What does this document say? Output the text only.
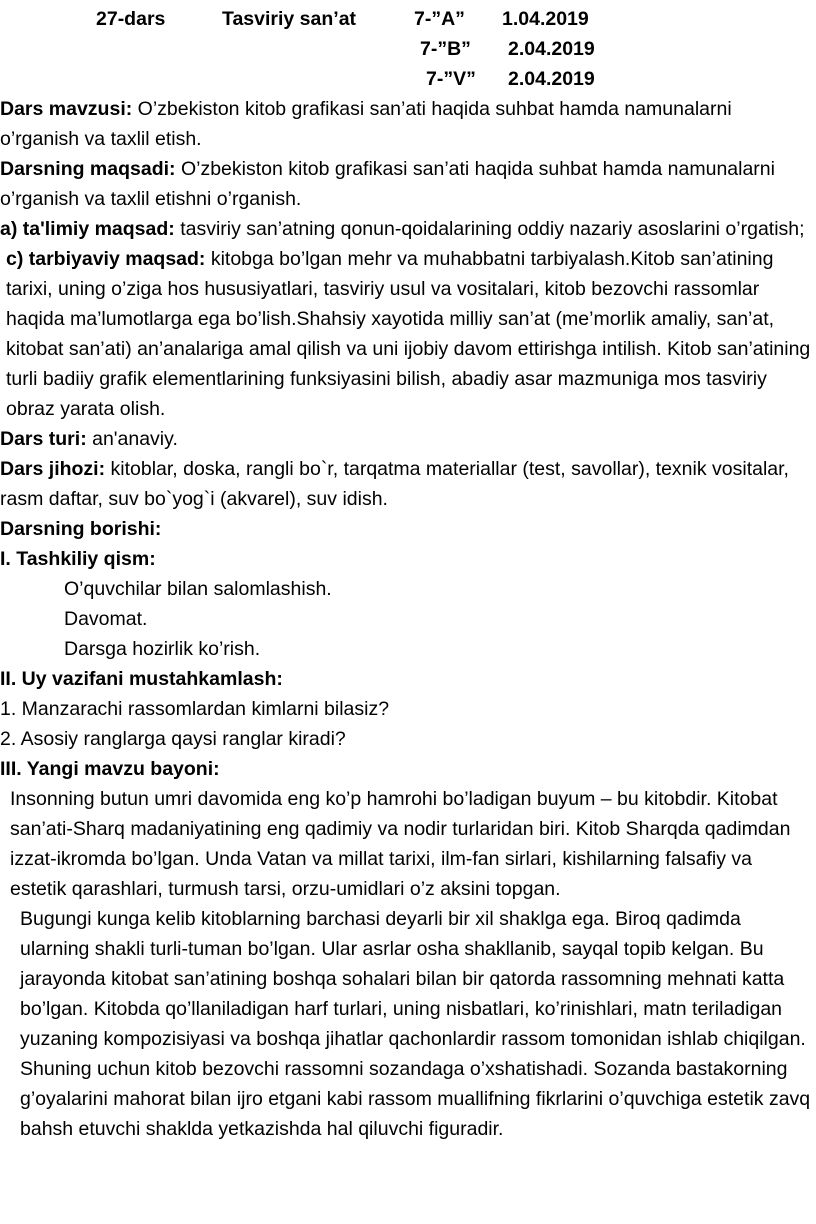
27-dars	Tasviriy san’at	7-”A” 1.04.2019
7-”B” 2.04.2019
7-”V” 2.04.2019

Dars mavzusi: O’zbekiston kitob grafikasi san’ati haqida suhbat hamda namunalarni o’rganish va taxlil etish.

Darsning maqsadi: O’zbekiston kitob grafikasi san’ati haqida suhbat hamda namunalarni o’rganish va taxlil etishni o’rganish.

a) ta'limiy maqsad: tasviriy san’atning qonun-qoidalarining oddiy nazariy asoslarini o’rgatish;

c) tarbiyaviy maqsad: kitobga bo’lgan mehr va muhabbatni tarbiyalash.Kitob san’atining tarixi, uning o’ziga hos hususiyatlari, tasviriy usul va vositalari, kitob bezovchi rassomlar haqida ma’lumotlarga ega bo’lish.Shahsiy xayotida milliy san’at (me’morlik amaliy, san’at, kitobat san’ati) an’analariga amal qilish va uni ijobiy davom ettirishga intilish. Kitob san’atining turli badiiy grafik elementlarining funksiyasini bilish, abadiy asar mazmuniga mos tasviriy obraz yarata olish.

Dars turi: an'anaviy.

Dars jihozi: kitoblar, doska, rangli bo`r, tarqatma materiallar (test, savollar), texnik vositalar, rasm daftar, suv bo`yog`i (akvarel), suv idish.

Darsning borishi:

I. Tashkiliy qism:

O’quvchilar bilan salomlashish.

Davomat.

Darsga hozirlik ko’rish.

II. Uy vazifani mustahkamlash:

1. Manzarachi rassomlardan kimlarni bilasiz?

2. Asosiy ranglarga qaysi ranglar kiradi?

III. Yangi mavzu bayoni:

Insonning butun umri davomida eng ko’p hamrohi bo’ladigan buyum – bu kitobdir. Kitobat san’ati-Sharq madaniyatining eng qadimiy va nodir turlaridan biri. Kitob Sharqda qadimdan izzat-ikromda bo’lgan. Unda Vatan va millat tarixi, ilm-fan sirlari, kishilarning falsafiy va estetik qarashlari, turmush tarsi, orzu-umidlari o’z aksini topgan.

Bugungi kunga kelib kitoblarning barchasi deyarli bir xil shaklga ega. Biroq qadimda ularning shakli turli-tuman bo’lgan. Ular asrlar osha shakllanib, sayqal topib kelgan. Bu jarayonda kitobat san’atining boshqa sohalari bilan bir qatorda rassomning mehnati katta bo’lgan. Kitobda qo’llaniladigan harf turlari, uning nisbatlari, ko’rinishlari, matn teriladigan yuzaning kompozisiyasi va boshqa jihatlar qachonlardir rassom tomonidan ishlab chiqilgan. Shuning uchun kitob bezovchi rassomni sozandaga o’xshatishadi. Sozanda bastakorning g’oyalarini mahorat bilan ijro etgani kabi rassom muallifning fikrlarini o’quvchiga estetik zavq bahsh etuvchi shaklda yetkazishda hal qiluvchi figuradir.
